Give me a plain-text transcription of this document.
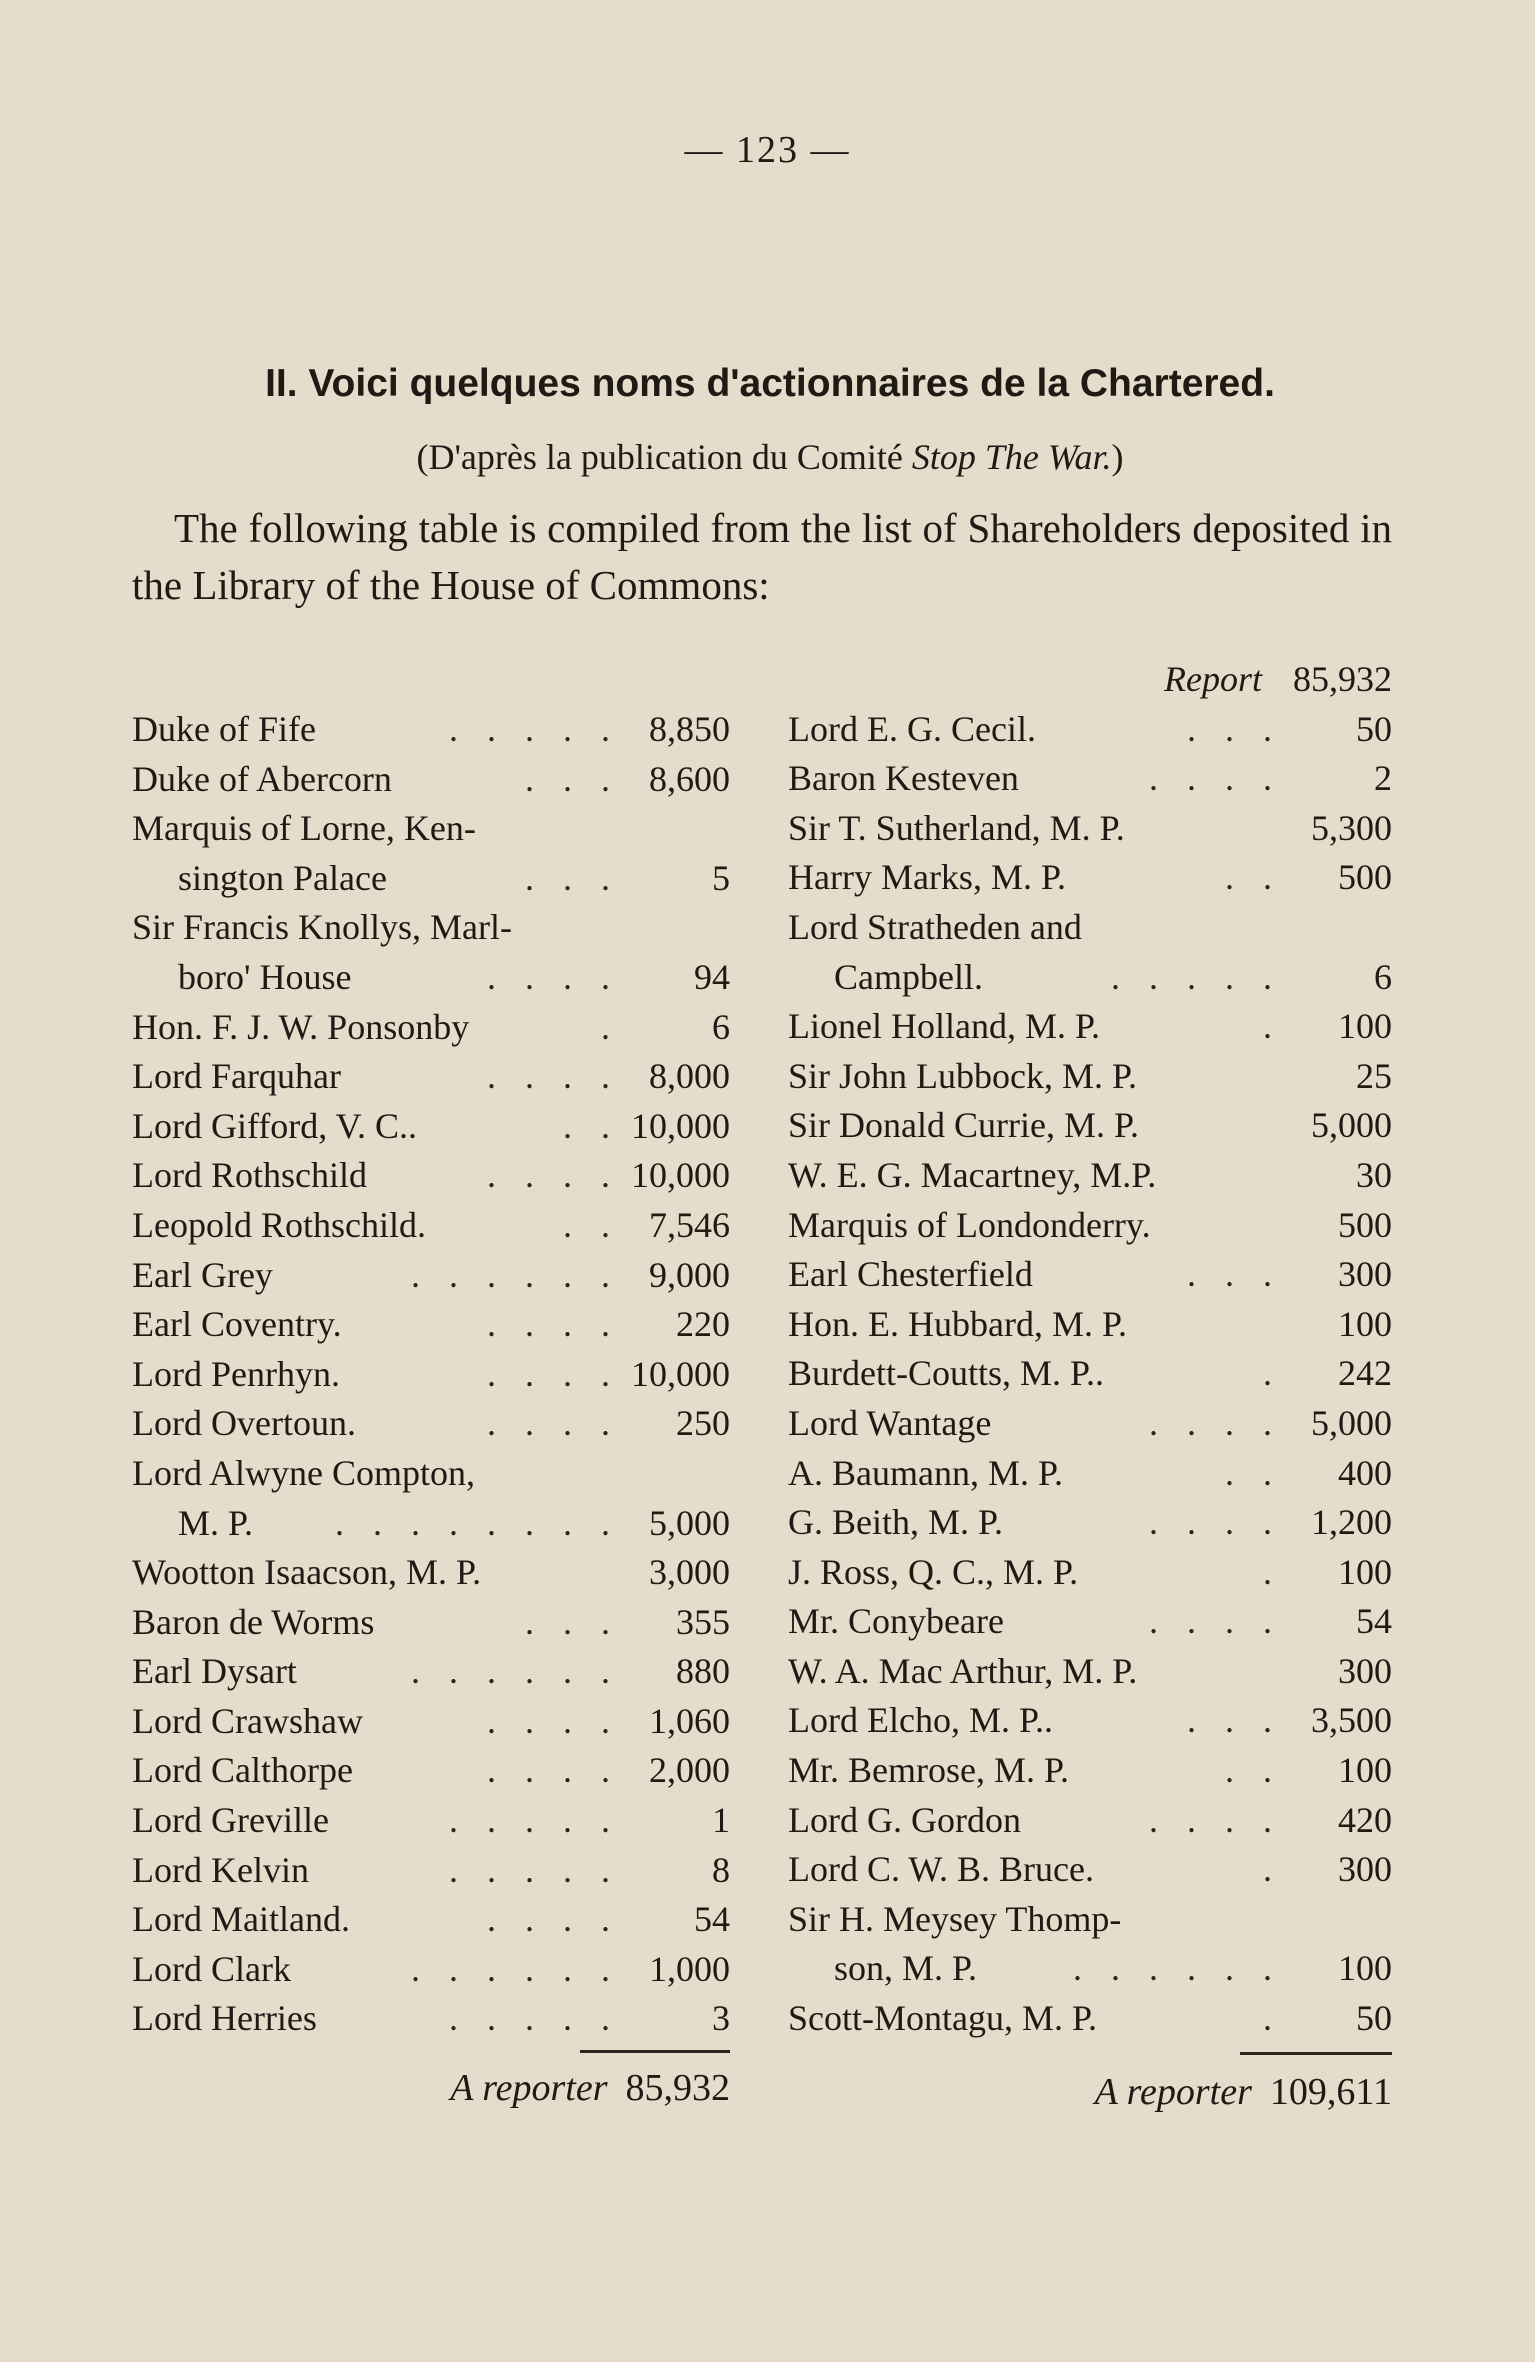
— 123 —
II. Voici quelques noms d'actionnaires de la Chartered.
(D'après la publication du Comité Stop The War.)
The following table is compiled from the list of Shareholders deposited in the Library of the House of Commons:
Duke of Fife	. . . . . 8,850
Duke of Abercorn	. . . 8,600
Marquis of Lorne, Ken-
sington Palace	. . .	5
Sir Francis Knollys, Marl-
boro' House	. . . . 94
Hon. F. J. W. Ponsonby	.	6
Lord Farquhar	. . . . 8,000
Lord Gifford, V. C..	. . 10,000
Lord Rothschild	. . . . 10,000
Leopold Rothschild.	. . 7,546
Earl Grey	. . . . . . 9,000
Earl Coventry.	. . . . 220
Lord Penrhyn.	. . . . 10,000
Lord Overtoun.	. . . . 250
Lord Alwyne Compton,
M. P.	. . . . . . . . 5,000
Wootton Isaacson, M. P.	3,000
Baron de Worms	. . . 355
Earl Dysart	. . . . . . 880
Lord Crawshaw	. . . . 1,060
Lord Calthorpe	. . . . 2,000
Lord Greville	. . . . .	1
Lord Kelvin	. . . . .	8
Lord Maitland.	. . . . 54
Lord Clark	. . . . . . 1,000
Lord Herries	. . . . .	3
Report 85,932
Lord E. G. Cecil.	. . . 50
Baron Kesteven	. . . .	2
Sir T. Sutherland, M. P.	5,300
Harry Marks, M. P.	. . 500
Lord Stratheden and
Campbell.	. . . . .	6
Lionel Holland, M. P.	. 100
Sir John Lubbock, M. P.	25
Sir Donald Currie, M. P.	5,000
W. E. G. Macartney, M.P.	30
Marquis of Londonderry.	500
Earl Chesterfield	. . . 300
Hon. E. Hubbard, M. P.	100
Burdett-Coutts, M. P..	. 242
Lord Wantage	. . . . 5,000
A. Baumann, M. P.	. . 400
G. Beith, M. P.	. . . . 1,200
J. Ross, Q. C., M. P.	. 100
Mr. Conybeare	. . . . 54
W. A. Mac Arthur, M. P.	300
Lord Elcho, M. P..	. . . 3,500
Mr. Bemrose, M. P.	. . 100
Lord G. Gordon	. . . . 420
Lord C. W. B. Bruce.	. 300
Sir H. Meysey Thomp-
son, M. P.	. . . . . . 100
Scott-Montagu, M. P.	. 50
A reporter 85,932	A reporter 109,611
